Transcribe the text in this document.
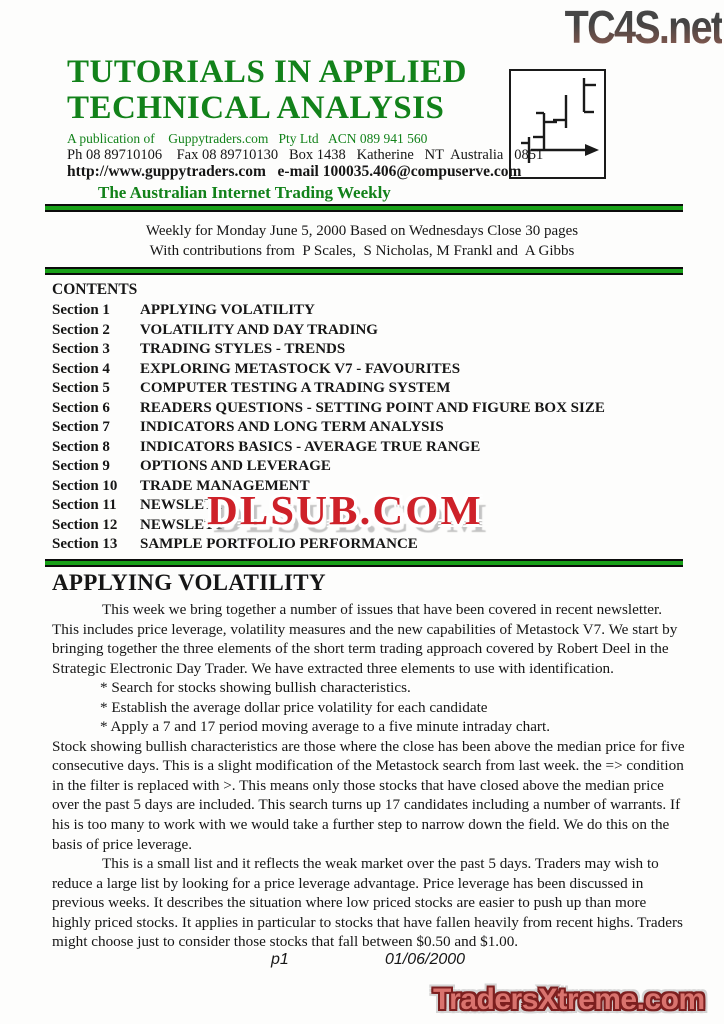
TC4S.net
TUTORIALS IN APPLIED
TECHNICAL ANALYSIS
A publication of    Guppytraders.com   Pty Ltd   ACN 089 941 560
Ph 08 89710106    Fax 08 89710130   Box 1438   Katherine   NT  Australia   0851
http://www.guppytraders.com   e-mail 100035.406@compuserve.com
The Australian Internet Trading Weekly
Weekly for Monday June 5, 2000 Based on Wednesdays Close 30 pages
With contributions from  P Scales,  S Nicholas, M Frankl and  A Gibbs
CONTENTS
Section 1	APPLYING VOLATILITY
Section 2	VOLATILITY AND DAY TRADING
Section 3	TRADING STYLES - TRENDS
Section 4	EXPLORING METASTOCK V7 - FAVOURITES
Section 5	COMPUTER TESTING A TRADING SYSTEM
Section 6	READERS QUESTIONS - SETTING POINT AND FIGURE BOX SIZE
Section 7	INDICATORS AND LONG TERM ANALYSIS
Section 8	INDICATORS BASICS - AVERAGE TRUE RANGE
Section 9	OPTIONS AND LEVERAGE
Section 10	TRADE MANAGEMENT
Section 11	NEWSLETT
Section 12	NEWSLETT
Section 13	SAMPLE PORTFOLIO PERFORMANCE
DLSUB.COM
APPLYING VOLATILITY

This week we bring together a number of issues that have been covered in recent newsletter. This includes price leverage, volatility measures and the new capabilities of Metastock V7. We start by bringing together the three elements of the short term trading approach covered by Robert Deel in the Strategic Electronic Day Trader. We have extracted three elements to use with identification.

* Search for stocks showing bullish characteristics.

* Establish the average dollar price volatility for each candidate

* Apply a 7 and 17 period moving average to a five minute intraday chart.

Stock showing bullish characteristics are those where the close has been above the median price for five consecutive days. This is a slight modification of the Metastock search from last week. the => condition in the filter is replaced with >. This means only those stocks that have closed above the median price over the past 5 days are included. This search turns up 17 candidates including a number of warrants. If his is too many to work with we would take a further step to narrow down the field. We do this on the basis of price leverage.

This is a small list and it reflects the weak market over the past 5 days. Traders may wish to reduce a large list by looking for a price leverage advantage. Price leverage has been discussed in previous weeks. It describes the situation where low priced stocks are easier to push up than more highly priced stocks. It applies in particular to stocks that have fallen heavily from recent highs. Traders might choose just to consider those stocks that fall between $0.50 and $1.00.

p1	01/06/2000
TradersXtreme.com
